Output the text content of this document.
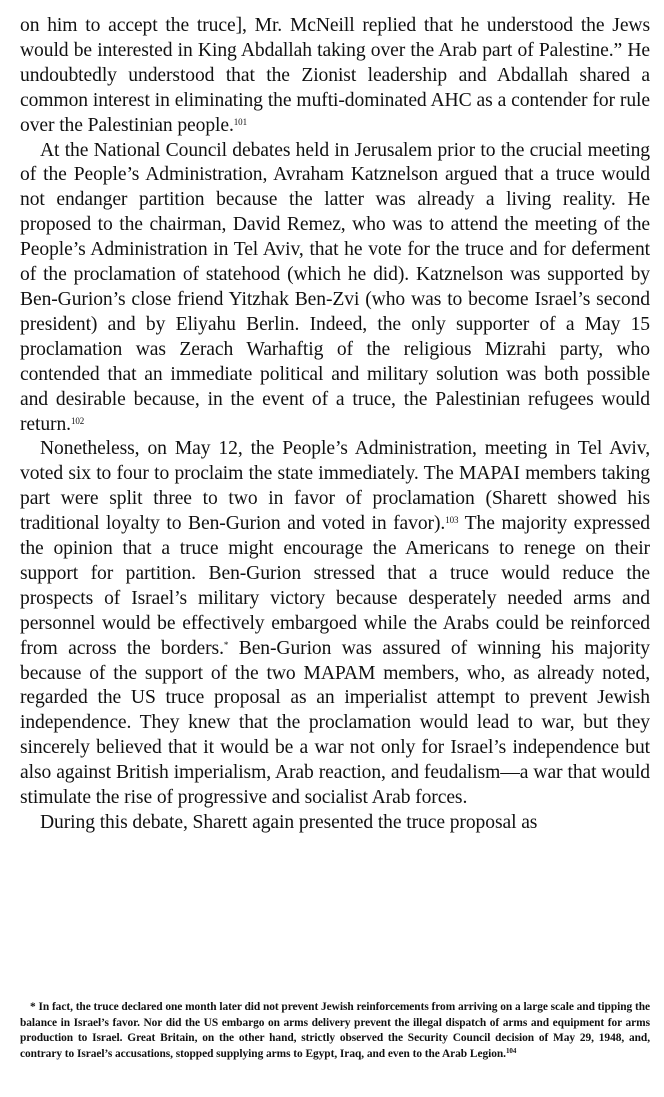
on him to accept the truce], Mr. McNeill replied that he understood the Jews would be interested in King Abdallah taking over the Arab part of Palestine.” He undoubtedly understood that the Zionist leadership and Abdallah shared a common interest in eliminating the mufti-dominated AHC as a contender for rule over the Palestinian people.$^{101}$

At the National Council debates held in Jerusalem prior to the crucial meeting of the People’s Administration, Avraham Katznelson argued that a truce would not endanger partition because the latter was already a living reality. He proposed to the chairman, David Remez, who was to attend the meeting of the People’s Administration in Tel Aviv, that he vote for the truce and for deferment of the proclamation of statehood (which he did). Katznelson was supported by Ben-Gurion’s close friend Yitzhak Ben-Zvi (who was to become Israel’s second president) and by Eliyahu Berlin. Indeed, the only supporter of a May 15 proclamation was Zerach Warhaftig of the religious Mizrahi party, who contended that an immediate political and military solution was both possible and desirable because, in the event of a truce, the Palestinian refugees would return.$^{102}$

Nonetheless, on May 12, the People’s Administration, meeting in Tel Aviv, voted six to four to proclaim the state immediately. The MAPAI members taking part were split three to two in favor of proclamation (Sharett showed his traditional loyalty to Ben-Gurion and voted in favor).$^{103}$ The majority expressed the opinion that a truce might encourage the Americans to renege on their support for partition. Ben-Gurion stressed that a truce would reduce the prospects of Israel’s military victory because desperately needed arms and personnel would be effectively embargoed while the Arabs could be reinforced from across the borders.* Ben-Gurion was assured of winning his majority because of the support of the two MAPAM members, who, as already noted, regarded the US truce proposal as an imperialist attempt to prevent Jewish independence. They knew that the proclamation would lead to war, but they sincerely believed that it would be a war not only for Israel’s independence but also against British imperialism, Arab reaction, and feudalism—a war that would stimulate the rise of progressive and socialist Arab forces.

During this debate, Sharett again presented the truce proposal as

* In fact, the truce declared one month later did not prevent Jewish reinforcements from arriving on a large scale and tipping the balance in Israel’s favor. Nor did the US embargo on arms delivery prevent the illegal dispatch of arms and equipment for arms production to Israel. Great Britain, on the other hand, strictly observed the Security Council decision of May 29, 1948, and, contrary to Israel’s accusations, stopped supplying arms to Egypt, Iraq, and even to the Arab Legion.$^{104}$
